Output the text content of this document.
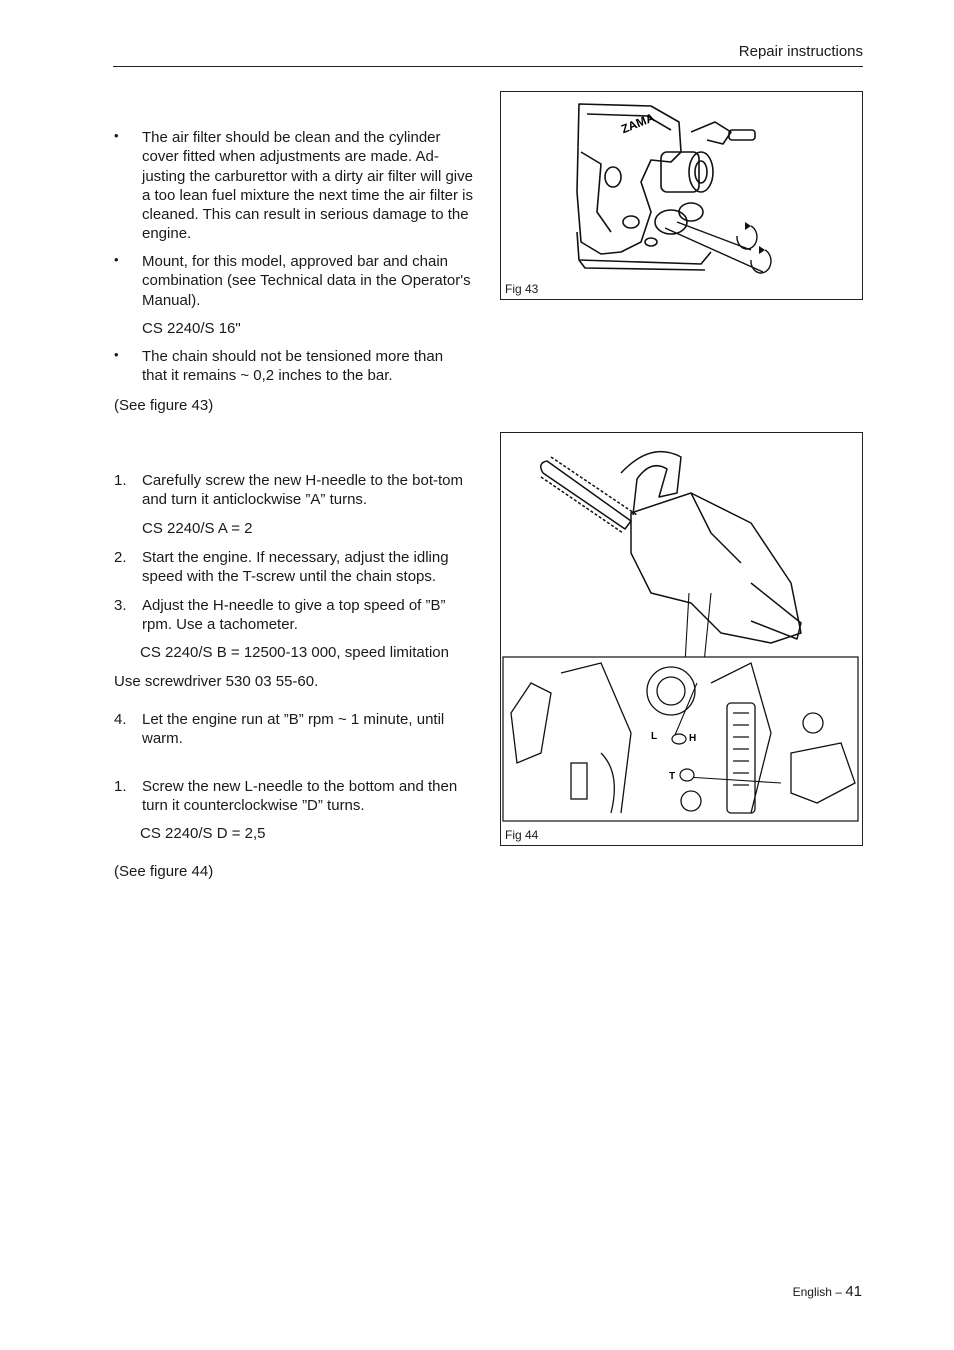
Repair instructions
• The air filter should be clean and the cylinder cover fitted when adjustments are made. Ad-justing the carburettor with a dirty air filter will give a too lean fuel mixture the next time the air filter is cleaned. This can result in serious damage to the engine.
• Mount, for this model, approved bar and chain combination (see Technical data in the Operator's Manual).
CS 2240/S 16"
• The chain should not be tensioned more than that it remains ~ 0,2 inches to the bar.
(See figure 43)
1. Carefully screw the new H-needle to the bot-tom and turn it anticlockwise ”A” turns.
CS 2240/S A = 2
2. Start the engine. If necessary, adjust the idling speed with the T-screw until the chain stops.
3. Adjust the H-needle to give a top speed of ”B” rpm. Use a tachometer.
CS 2240/S B = 12500-13 000, speed limitation
Use screwdriver 530 03 55-60.
4. Let the engine run at ”B” rpm ~ 1 minute, until warm.
1. Screw the new L-needle to the bottom and then turn it counterclockwise ”D” turns.
CS 2240/S D = 2,5
(See figure 44)
ZAMA
Fig 43
L	H
T
Fig 44
English – 41
